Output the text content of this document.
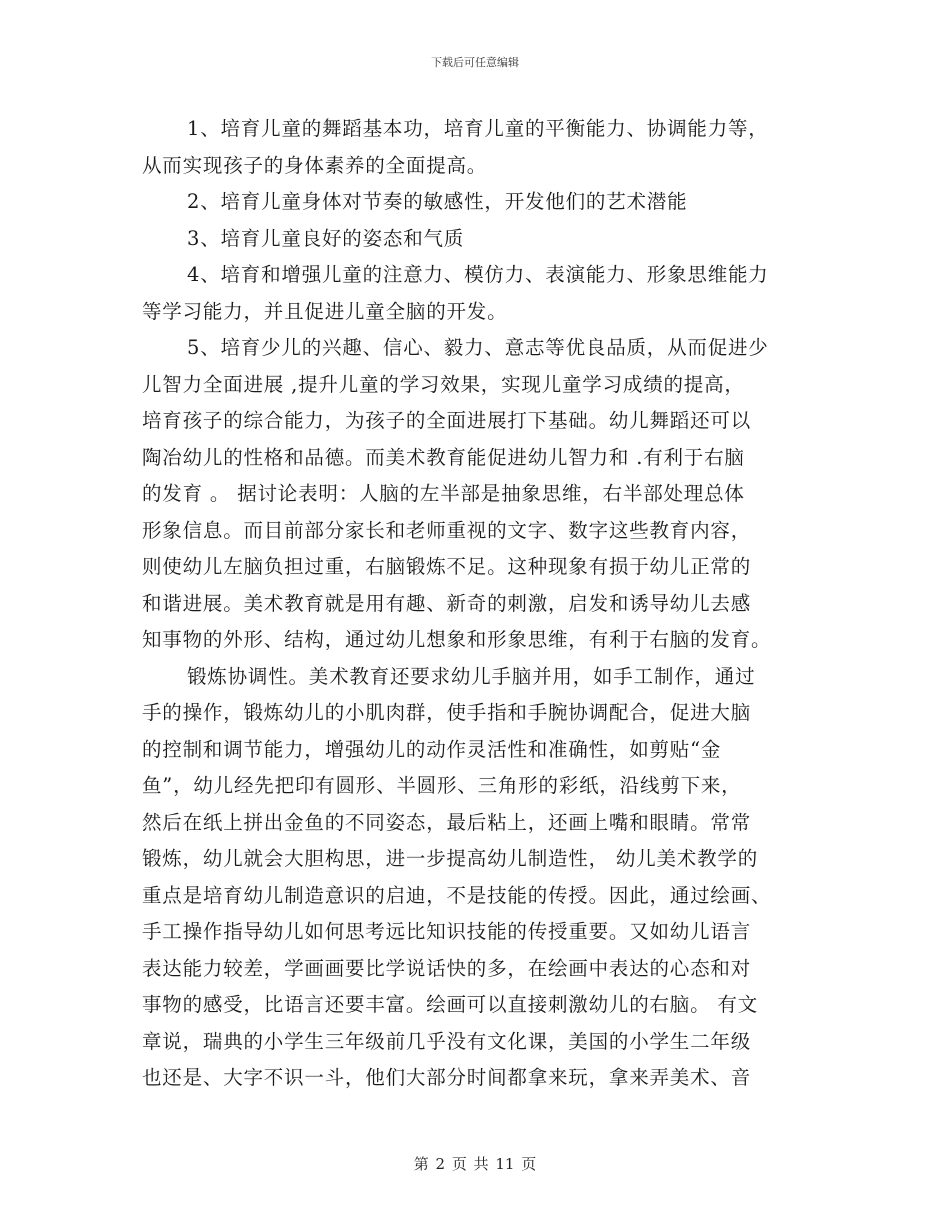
下载后可任意编辑
1、培育儿童的舞蹈基本功，培育儿童的平衡能力、协调能力等，
从而实现孩子的身体素养的全面提高。
2、培育儿童身体对节奏的敏感性，开发他们的艺术潜能
3、培育儿童良好的姿态和气质
4、培育和增强儿童的注意力、模仿力、表演能力、形象思维能力
等学习能力，并且促进儿童全脑的开发。
5、培育少儿的兴趣、信心、毅力、意志等优良品质，从而促进少
儿智力全面进展 ,提升儿童的学习效果，实现儿童学习成绩的提高，
培育孩子的综合能力，为孩子的全面进展打下基础。幼儿舞蹈还可以
陶冶幼儿的性格和品德。而美术教育能促进幼儿智力和 .有利于右脑
的发育 。 据讨论表明：人脑的左半部是抽象思维，右半部处理总体
形象信息。而目前部分家长和老师重视的文字、数字这些教育内容，
则使幼儿左脑负担过重，右脑锻炼不足。这种现象有损于幼儿正常的
和谐进展。美术教育就是用有趣、新奇的刺激，启发和诱导幼儿去感
知事物的外形、结构，通过幼儿想象和形象思维，有利于右脑的发育。
锻炼协调性。美术教育还要求幼儿手脑并用，如手工制作，通过
手的操作，锻炼幼儿的小肌肉群，使手指和手腕协调配合，促进大脑
的控制和调节能力，增强幼儿的动作灵活性和准确性，如剪贴“金
鱼”，幼儿经先把印有圆形、半圆形、三角形的彩纸，沿线剪下来，
然后在纸上拼出金鱼的不同姿态，最后粘上，还画上嘴和眼睛。常常
锻炼，幼儿就会大胆构思，进一步提高幼儿制造性， 幼儿美术教学的
重点是培育幼儿制造意识的启迪，不是技能的传授。因此，通过绘画、
手工操作指导幼儿如何思考远比知识技能的传授重要。又如幼儿语言
表达能力较差，学画画要比学说话快的多，在绘画中表达的心态和对
事物的感受，比语言还要丰富。绘画可以直接刺激幼儿的右脑。 有文
章说，瑞典的小学生三年级前几乎没有文化课，美国的小学生二年级
也还是、大字不识一斗，他们大部分时间都拿来玩，拿来弄美术、音
第 2 页 共 11 页
